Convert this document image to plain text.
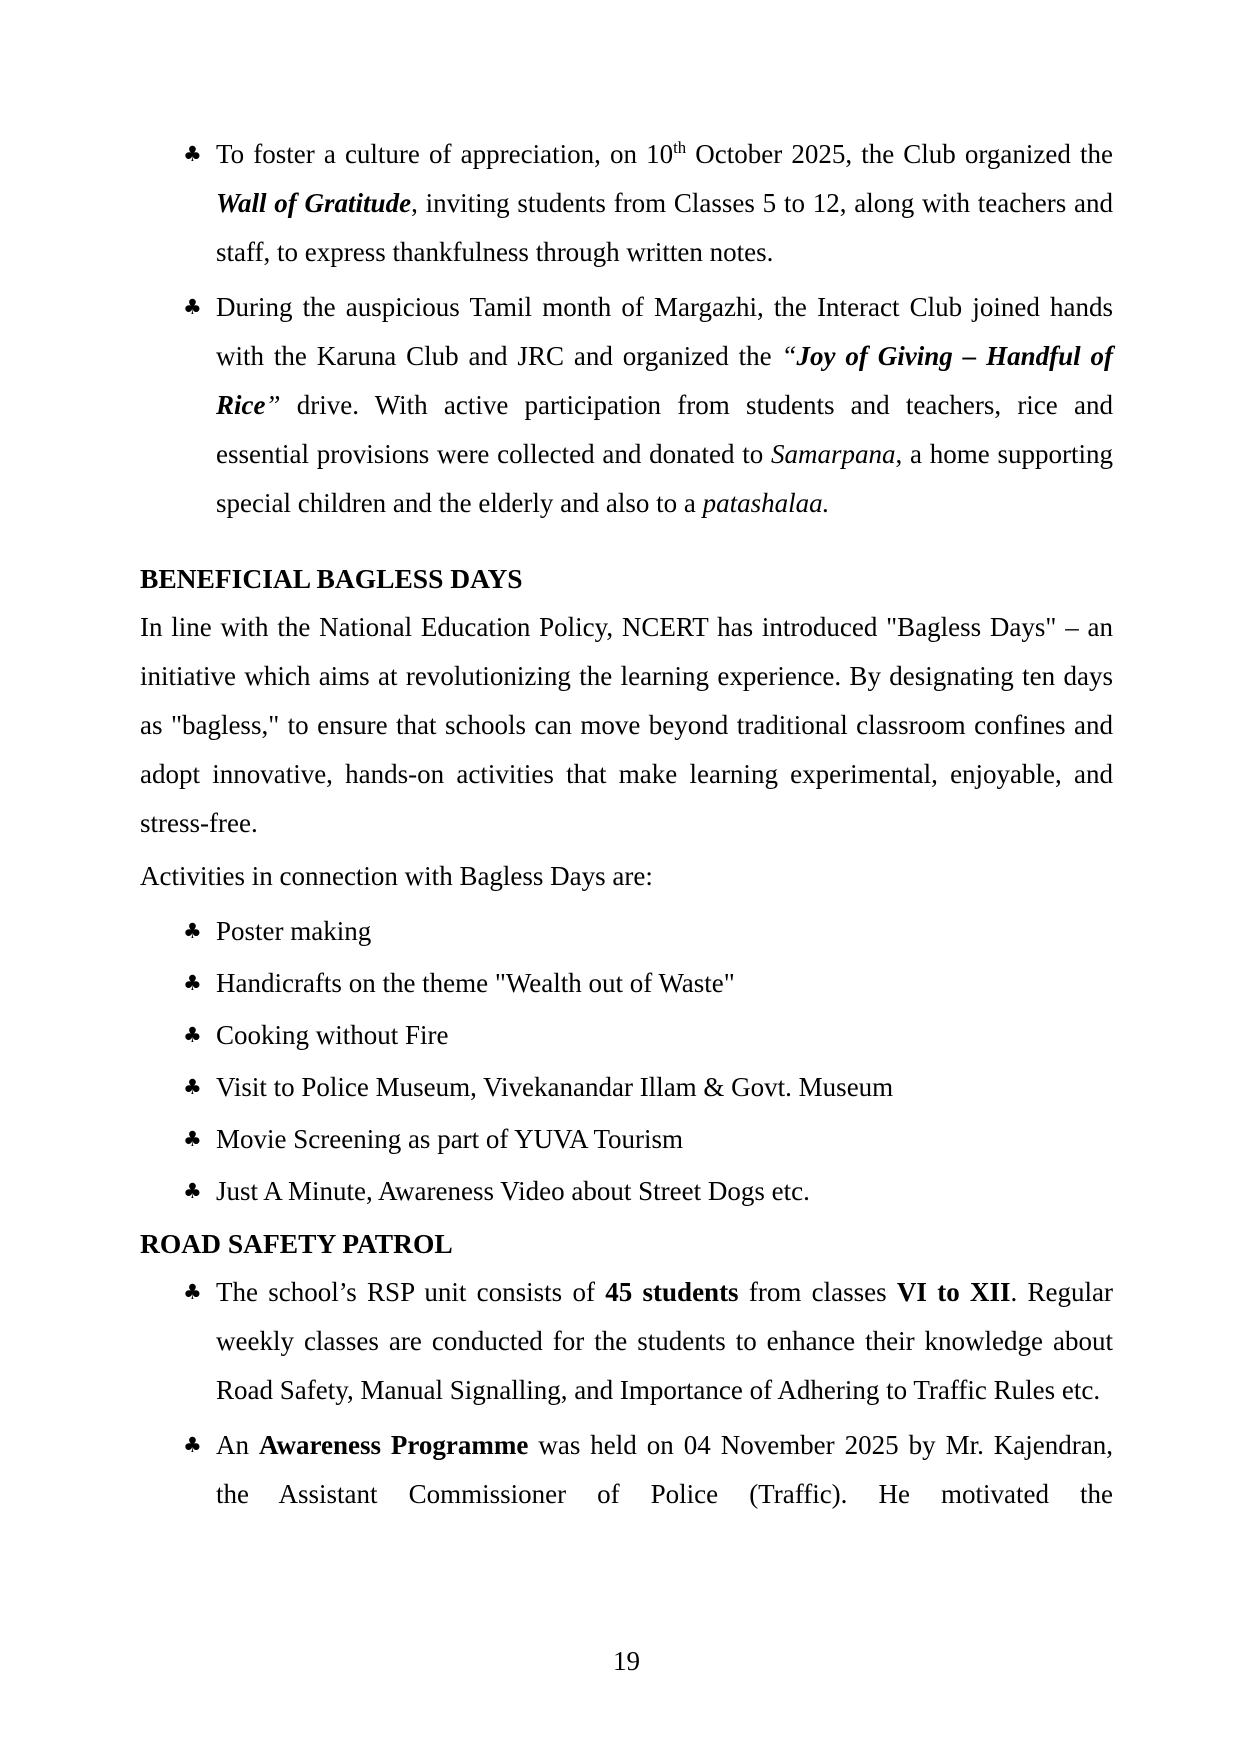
♣ To foster a culture of appreciation, on 10th October 2025, the Club organized the Wall of Gratitude, inviting students from Classes 5 to 12, along with teachers and staff, to express thankfulness through written notes.

♣ During the auspicious Tamil month of Margazhi, the Interact Club joined hands with the Karuna Club and JRC and organized the “Joy of Giving – Handful of Rice” drive. With active participation from students and teachers, rice and essential provisions were collected and donated to Samarpana, a home supporting special children and the elderly and also to a patashalaa.

BENEFICIAL BAGLESS DAYS

In line with the National Education Policy, NCERT has introduced "Bagless Days" – an initiative which aims at revolutionizing the learning experience. By designating ten days as "bagless," to ensure that schools can move beyond traditional classroom confines and adopt innovative, hands-on activities that make learning experimental, enjoyable, and stress-free.

Activities in connection with Bagless Days are:

♣ Poster making

♣ Handicrafts on the theme "Wealth out of Waste"

♣ Cooking without Fire

♣ Visit to Police Museum, Vivekanandar Illam & Govt. Museum

♣ Movie Screening as part of YUVA Tourism

♣ Just A Minute, Awareness Video about Street Dogs etc.

ROAD SAFETY PATROL

♣ The school’s RSP unit consists of 45 students from classes VI to XII. Regular weekly classes are conducted for the students to enhance their knowledge about Road Safety, Manual Signalling, and Importance of Adhering to Traffic Rules etc.

♣ An Awareness Programme was held on 04 November 2025 by Mr. Kajendran, the Assistant Commissioner of Police (Traffic). He motivated the

19
